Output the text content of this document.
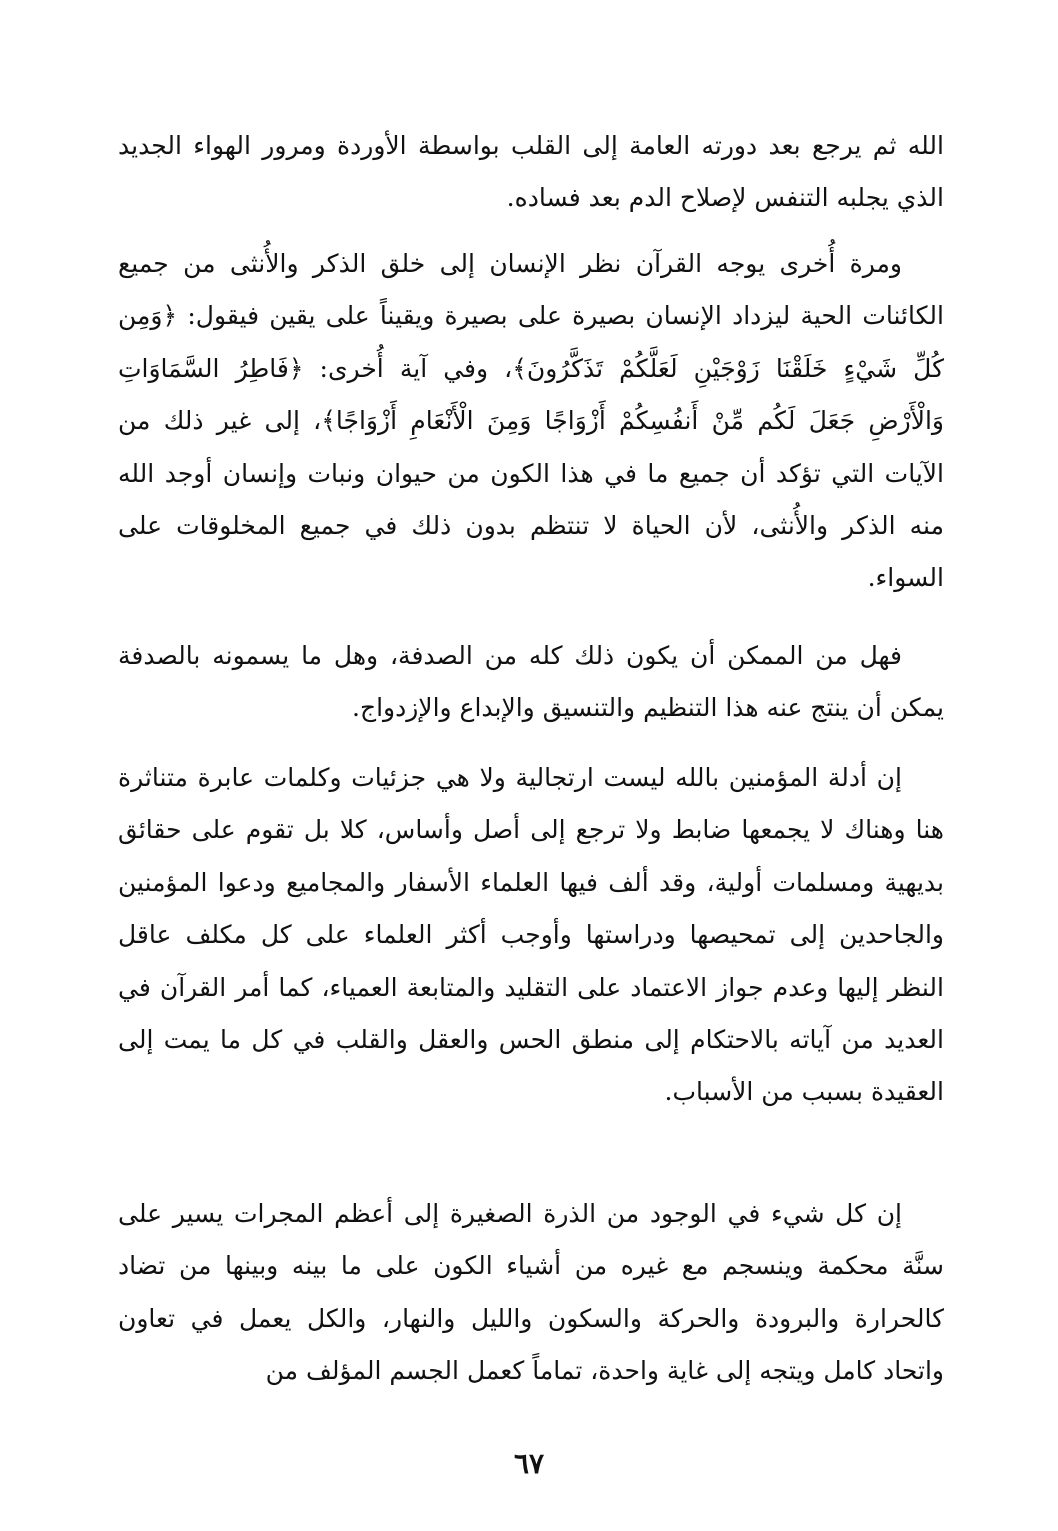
الله ثم يرجع بعد دورته العامة إلى القلب بواسطة الأوردة ومرور الهواء الجديد الذي يجلبه التنفس لإصلاح الدم بعد فساده.

ومرة أُخرى يوجه القرآن نظر الإنسان إلى خلق الذكر والأُنثى من جميع الكائنات الحية ليزداد الإنسان بصيرة على بصيرة ويقيناً على يقين فيقول: ﴿وَمِن كُلِّ شَيْءٍ خَلَقْنَا زَوْجَيْنِ لَعَلَّكُمْ تَذَكَّرُونَ﴾، وفي آية أُخرى: ﴿فَاطِرُ السَّمَاوَاتِ وَالْأَرْضِ جَعَلَ لَكُم مِّنْ أَنفُسِكُمْ أَزْوَاجًا وَمِنَ الْأَنْعَامِ أَزْوَاجًا﴾، إلى غير ذلك من الآيات التي تؤكد أن جميع ما في هذا الكون من حيوان ونبات وإنسان أوجد الله منه الذكر والأُنثى، لأن الحياة لا تنتظم بدون ذلك في جميع المخلوقات على السواء.

فهل من الممكن أن يكون ذلك كله من الصدفة، وهل ما يسمونه بالصدفة يمكن أن ينتج عنه هذا التنظيم والتنسيق والإبداع والإزدواج.

إن أدلة المؤمنين بالله ليست ارتجالية ولا هي جزئيات وكلمات عابرة متناثرة هنا وهناك لا يجمعها ضابط ولا ترجع إلى أصل وأساس، كلا بل تقوم على حقائق بديهية ومسلمات أولية، وقد ألف فيها العلماء الأسفار والمجاميع ودعوا المؤمنين والجاحدين إلى تمحيصها ودراستها وأوجب أكثر العلماء على كل مكلف عاقل النظر إليها وعدم جواز الاعتماد على التقليد والمتابعة العمياء، كما أمر القرآن في العديد من آياته بالاحتكام إلى منطق الحس والعقل والقلب في كل ما يمت إلى العقيدة بسبب من الأسباب.

إن كل شيء في الوجود من الذرة الصغيرة إلى أعظم المجرات يسير على سنَّة محكمة وينسجم مع غيره من أشياء الكون على ما بينه وبينها من تضاد كالحرارة والبرودة والحركة والسكون والليل والنهار، والكل يعمل في تعاون واتحاد كامل ويتجه إلى غاية واحدة، تماماً كعمل الجسم المؤلف من

٦٧
